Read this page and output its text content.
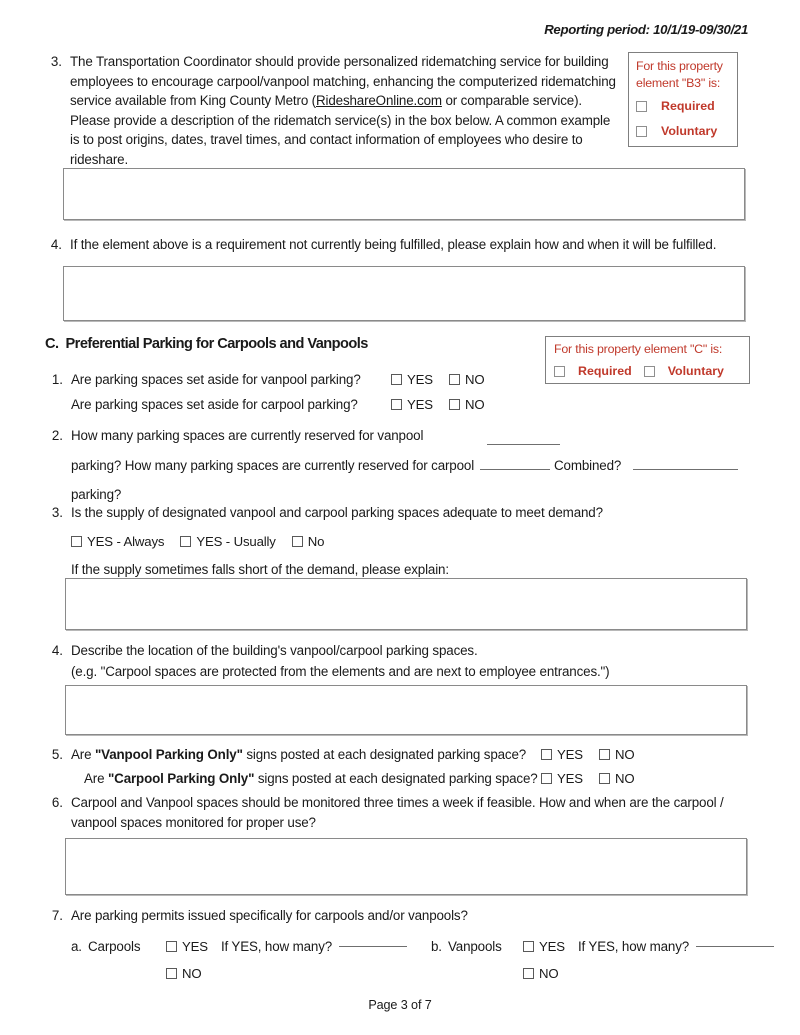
Reporting period: 10/1/19-09/30/21
3. The Transportation Coordinator should provide personalized ridematching service for building employees to encourage carpool/vanpool matching, enhancing the computerized ridematching service available from King County Metro (RideshareOnline.com or comparable service). Please provide a description of the ridematch service(s) in the box below. A common example is to post origins, dates, travel times, and contact information of employees who desire to rideshare.

For this property
element "B3" is:
Required

Voluntary
4. If the element above is a requirement not currently being fulfilled, please explain how and when it will be fulfilled.
C. Preferential Parking for Carpools and Vanpools	For this property element "C" is:
Required	Voluntary
1. Are parking spaces set aside for vanpool parking?	YES NO
Are parking spaces set aside for carpool parking?	YES NO
2. How many parking spaces are currently reserved for vanpool
parking? How many parking spaces are currently reserved for carpool	Combined?
parking?
3. Is the supply of designated vanpool and carpool parking spaces adequate to meet demand?
YES - Always YES - Usually No
If the supply sometimes falls short of the demand, please explain:
4. Describe the location of the building's vanpool/carpool parking spaces.
(e.g. "Carpool spaces are protected from the elements and are next to employee entrances.")
5. Are "Vanpool Parking Only" signs posted at each designated parking space?	YES NO
Are "Carpool Parking Only" signs posted at each designated parking space? YES NO
6. Carpool and Vanpool spaces should be monitored three times a week if feasible. How and when are the carpool / vanpool spaces monitored for proper use?
7. Are parking permits issued specifically for carpools and/or vanpools?
a. Carpools	YES If YES, how many?
NO
b. Vanpools	YES If YES, how many?
NO
Page 3 of 7
